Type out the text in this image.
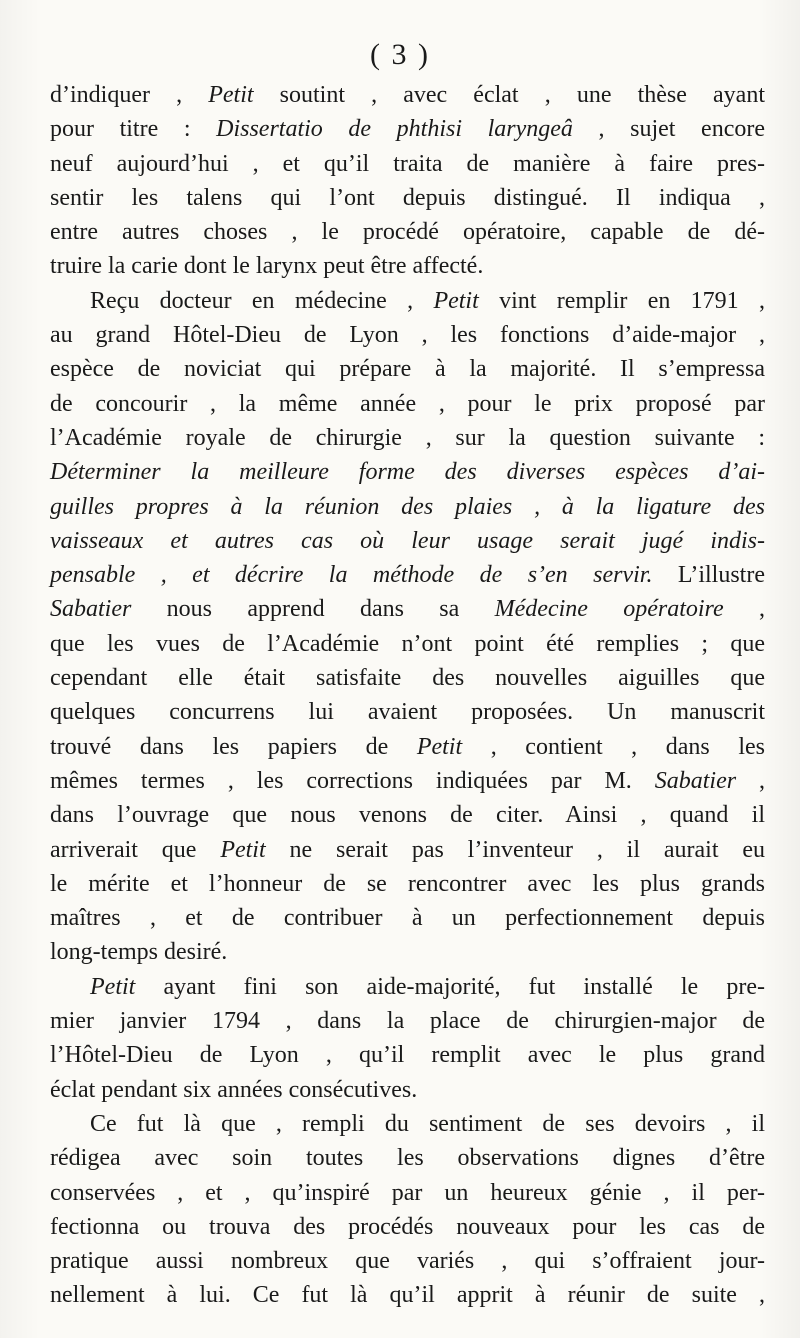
( 3 )
d’indiquer , Petit soutint , avec éclat , une thèse ayant
pour titre : Dissertatio de phthisi laryngeâ , sujet encore
neuf aujourd’hui , et qu’il traita de manière à faire pres-
sentir les talens qui l’ont depuis distingué. Il indiqua ,
entre autres choses , le procédé opératoire, capable de dé-
truire la carie dont le larynx peut être affecté.
Reçu docteur en médecine , Petit vint remplir en 1791 ,
au grand Hôtel-Dieu de Lyon , les fonctions d’aide-major ,
espèce de noviciat qui prépare à la majorité. Il s’empressa
de concourir , la même année , pour le prix proposé par
l’Académie royale de chirurgie , sur la question suivante :
Déterminer la meilleure forme des diverses espèces d’ai-
guilles propres à la réunion des plaies , à la ligature des
vaisseaux et autres cas où leur usage serait jugé indis-
pensable , et décrire la méthode de s’en servir. L’illustre
Sabatier nous apprend dans sa Médecine opératoire ,
que les vues de l’Académie n’ont point été remplies ; que
cependant elle était satisfaite des nouvelles aiguilles que
quelques concurrens lui avaient proposées. Un manuscrit
trouvé dans les papiers de Petit , contient , dans les
mêmes termes , les corrections indiquées par M. Sabatier ,
dans l’ouvrage que nous venons de citer. Ainsi , quand il
arriverait que Petit ne serait pas l’inventeur , il aurait eu
le mérite et l’honneur de se rencontrer avec les plus grands
maîtres , et de contribuer à un perfectionnement depuis
long-temps desiré.
Petit ayant fini son aide-majorité, fut installé le pre-
mier janvier 1794 , dans la place de chirurgien-major de
l’Hôtel-Dieu de Lyon , qu’il remplit avec le plus grand
éclat pendant six années consécutives.
Ce fut là que , rempli du sentiment de ses devoirs , il
rédigea avec soin toutes les observations dignes d’être
conservées , et , qu’inspiré par un heureux génie , il per-
fectionna ou trouva des procédés nouveaux pour les cas de
pratique aussi nombreux que variés , qui s’offraient jour-
nellement à lui. Ce fut là qu’il apprit à réunir de suite ,
